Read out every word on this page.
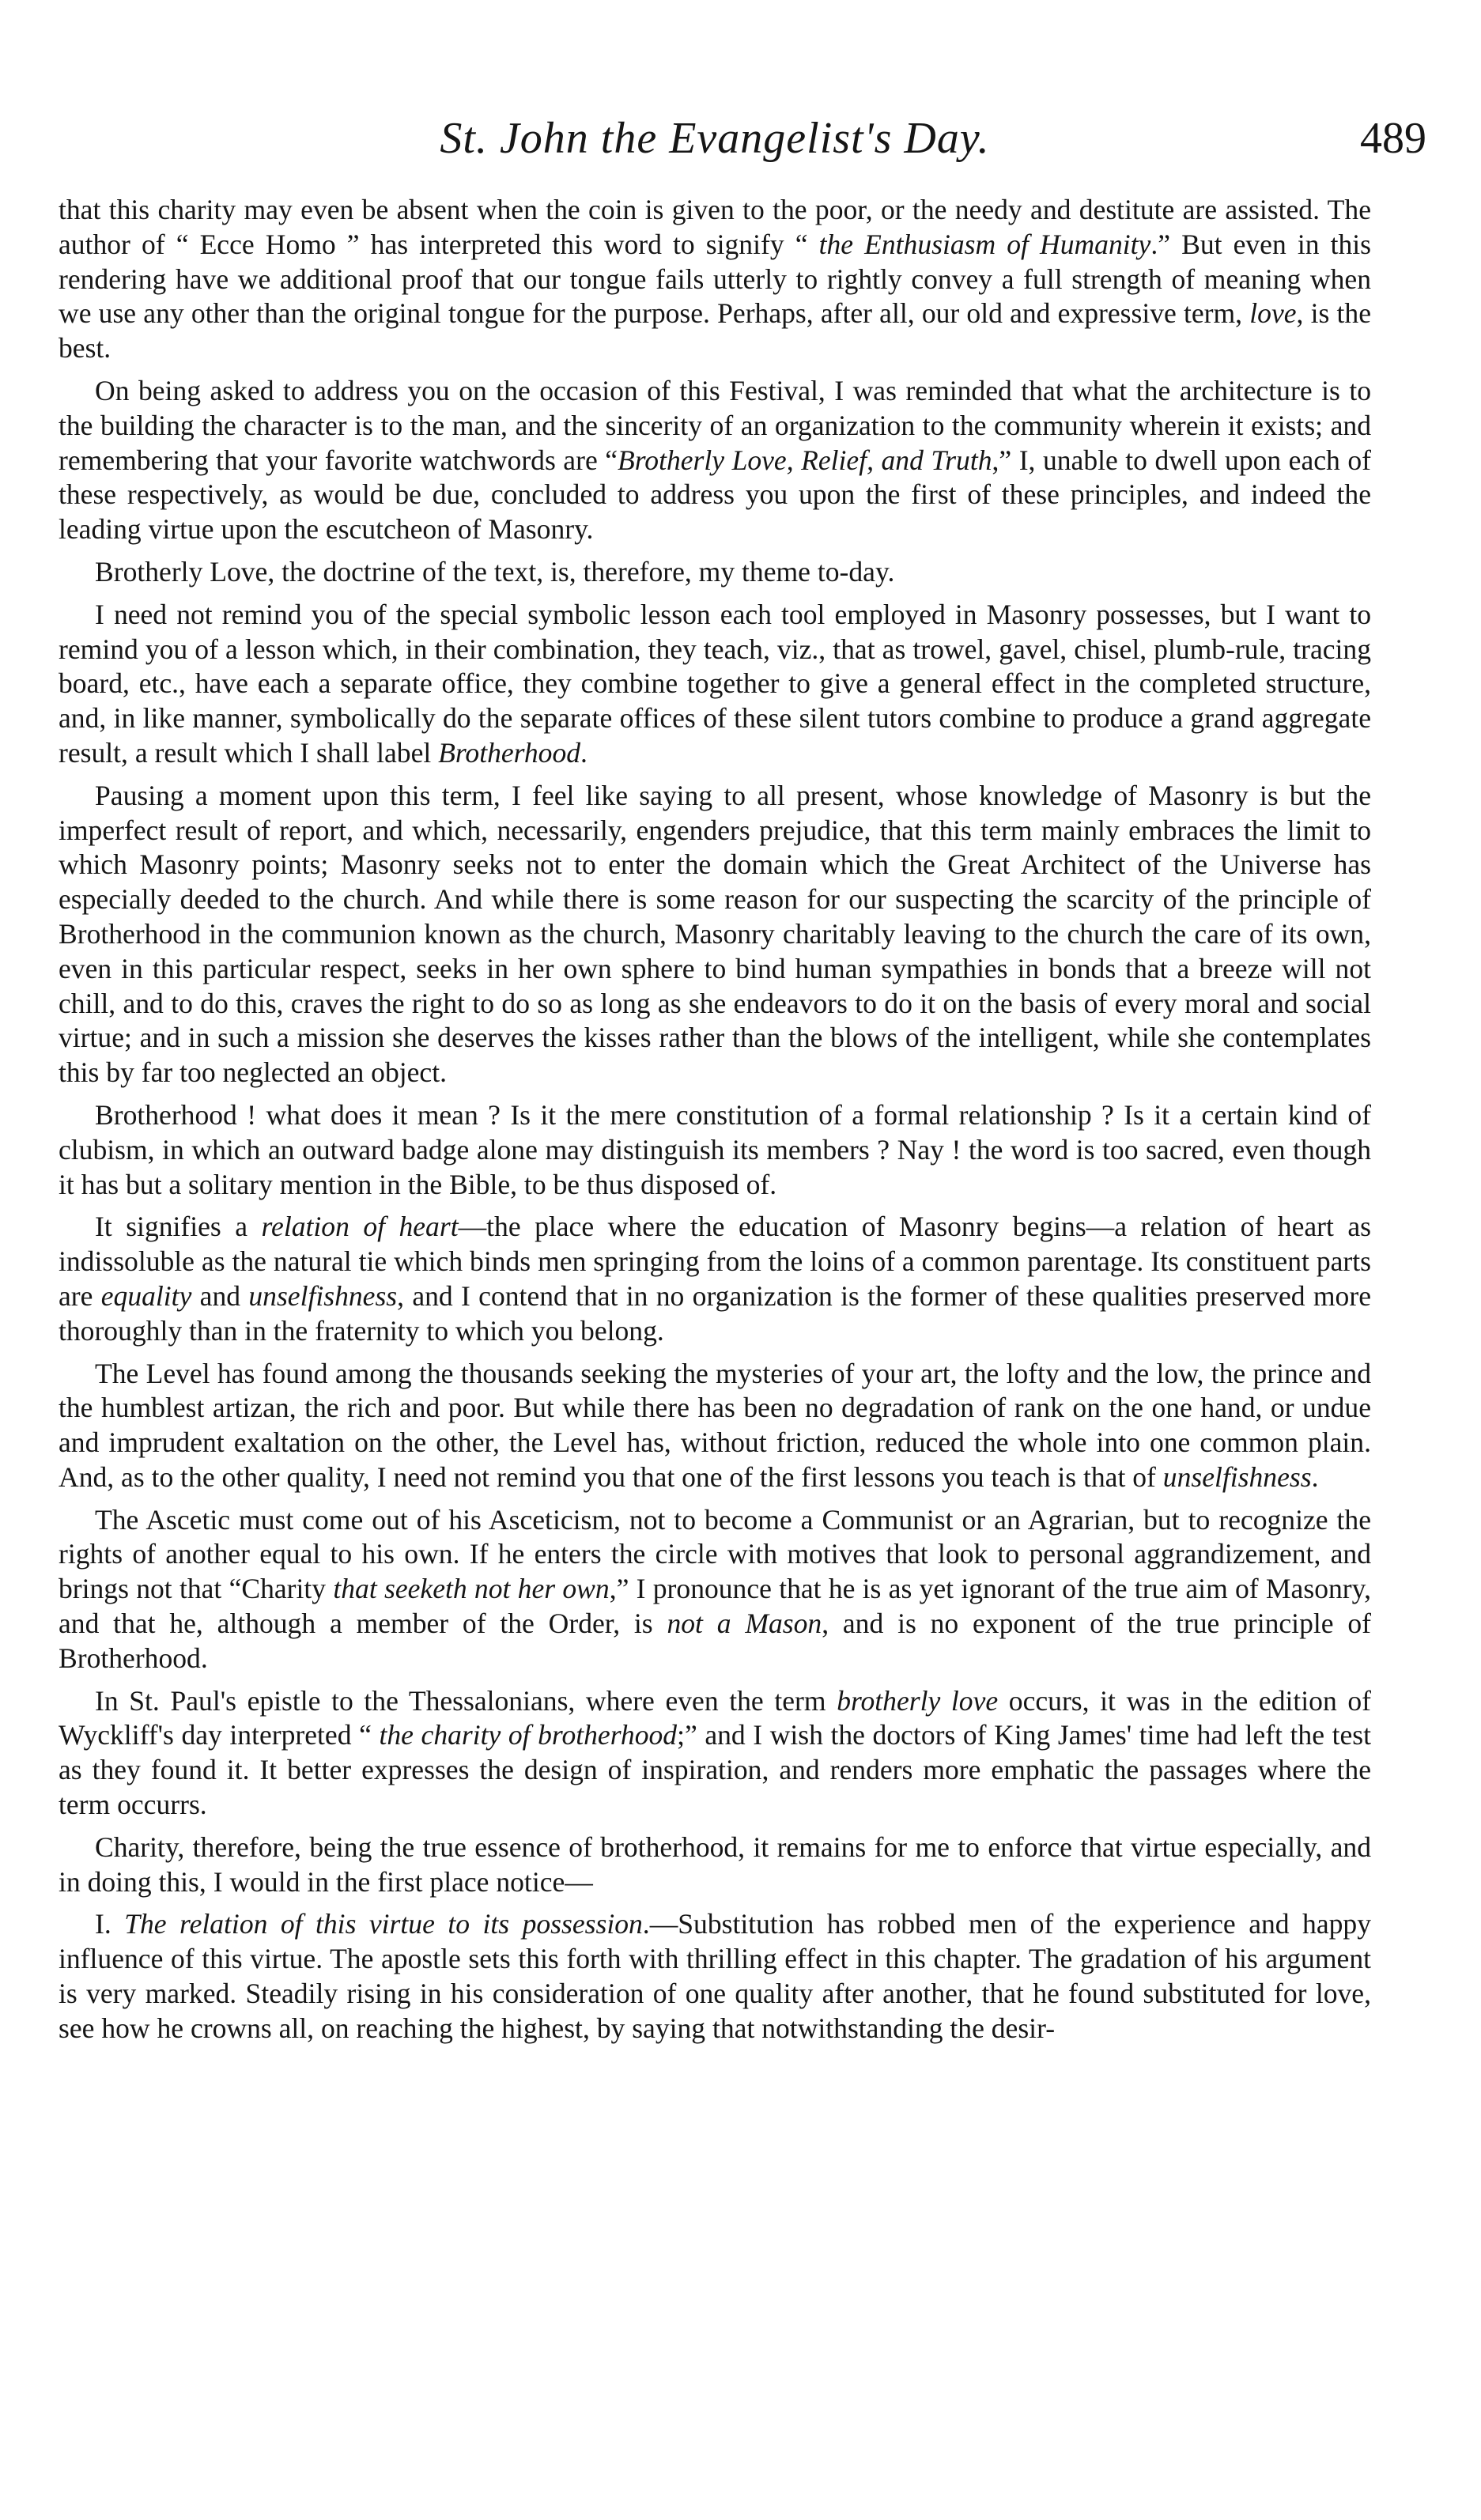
St. John the Evangelist's Day.	489

that this charity may even be absent when the coin is given to the poor, or the needy and destitute are assisted. The author of “ Ecce Homo ” has interpreted this word to signify “ the Enthusiasm of Humanity.” But even in this rendering have we additional proof that our tongue fails utterly to rightly convey a full strength of meaning when we use any other than the original tongue for the purpose. Perhaps, after all, our old and expressive term, love, is the best.

On being asked to address you on the occasion of this Festival, I was reminded that what the architecture is to the building the character is to the man, and the sincerity of an organization to the community wherein it exists; and remembering that your favorite watchwords are “Brotherly Love, Relief, and Truth,” I, unable to dwell upon each of these respectively, as would be due, concluded to address you upon the first of these principles, and indeed the leading virtue upon the escutcheon of Masonry.

Brotherly Love, the doctrine of the text, is, therefore, my theme to-day.

I need not remind you of the special symbolic lesson each tool employed in Masonry possesses, but I want to remind you of a lesson which, in their combination, they teach, viz., that as trowel, gavel, chisel, plumb-rule, tracing board, etc., have each a separate office, they combine together to give a general effect in the completed structure, and, in like manner, symbolically do the separate offices of these silent tutors combine to produce a grand aggregate result, a result which I shall label Brotherhood.

Pausing a moment upon this term, I feel like saying to all present, whose knowledge of Masonry is but the imperfect result of report, and which, necessarily, engenders prejudice, that this term mainly embraces the limit to which Masonry points; Masonry seeks not to enter the domain which the Great Architect of the Universe has especially deeded to the church. And while there is some reason for our suspecting the scarcity of the principle of Brotherhood in the communion known as the church, Masonry charitably leaving to the church the care of its own, even in this particular respect, seeks in her own sphere to bind human sympathies in bonds that a breeze will not chill, and to do this, craves the right to do so as long as she endeavors to do it on the basis of every moral and social virtue; and in such a mission she deserves the kisses rather than the blows of the intelligent, while she contemplates this by far too neglected an object.

Brotherhood ! what does it mean ? Is it the mere constitution of a formal relationship ? Is it a certain kind of clubism, in which an outward badge alone may distinguish its members ? Nay ! the word is too sacred, even though it has but a solitary mention in the Bible, to be thus disposed of.

It signifies a relation of heart—the place where the education of Masonry begins—a relation of heart as indissoluble as the natural tie which binds men springing from the loins of a common parentage. Its constituent parts are equality and unselfishness, and I contend that in no organization is the former of these qualities preserved more thoroughly than in the fraternity to which you belong.

The Level has found among the thousands seeking the mysteries of your art, the lofty and the low, the prince and the humblest artizan, the rich and poor. But while there has been no degradation of rank on the one hand, or undue and imprudent exaltation on the other, the Level has, without friction, reduced the whole into one common plain. And, as to the other quality, I need not remind you that one of the first lessons you teach is that of unselfishness.

The Ascetic must come out of his Asceticism, not to become a Communist or an Agrarian, but to recognize the rights of another equal to his own. If he enters the circle with motives that look to personal aggrandizement, and brings not that “Charity that seeketh not her own,” I pronounce that he is as yet ignorant of the true aim of Masonry, and that he, although a member of the Order, is not a Mason, and is no exponent of the true principle of Brotherhood.

In St. Paul's epistle to the Thessalonians, where even the term brotherly love occurs, it was in the edition of Wyckliff's day interpreted “ the charity of brotherhood;” and I wish the doctors of King James' time had left the test as they found it. It better expresses the design of inspiration, and renders more emphatic the passages where the term occurrs.

Charity, therefore, being the true essence of brotherhood, it remains for me to enforce that virtue especially, and in doing this, I would in the first place notice—

I. The relation of this virtue to its possession.—Substitution has robbed men of the experience and happy influence of this virtue. The apostle sets this forth with thrilling effect in this chapter. The gradation of his argument is very marked. Steadily rising in his consideration of one quality after another, that he found substituted for love, see how he crowns all, on reaching the highest, by saying that notwithstanding the desir-
